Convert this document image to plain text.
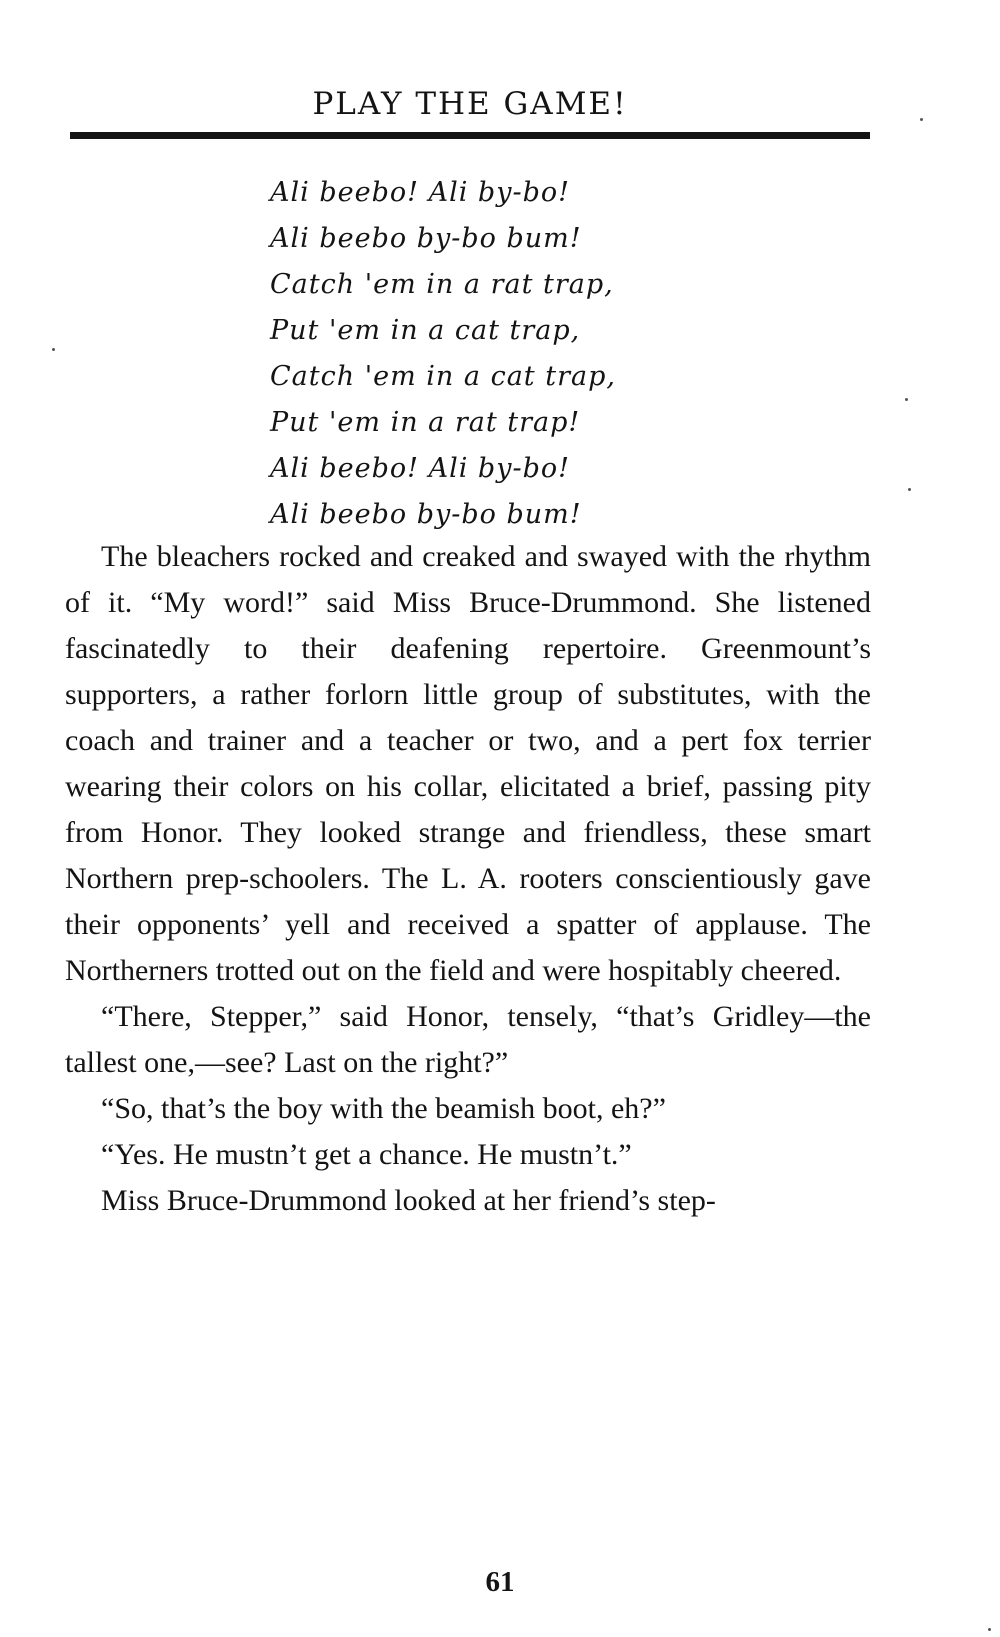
PLAY THE GAME!
Ali beebo! Ali by-bo!
Ali beebo by-bo bum!
Catch 'em in a rat trap,
Put 'em in a cat trap,
Catch 'em in a cat trap,
Put 'em in a rat trap!
Ali beebo! Ali by-bo!
Ali beebo by-bo bum!

The bleachers rocked and creaked and swayed with the rhythm of it. “My word!” said Miss Bruce-Drummond. She listened fascinatedly to their deafening repertoire. Greenmount’s supporters, a rather forlorn little group of substitutes, with the coach and trainer and a teacher or two, and a pert fox terrier wearing their colors on his collar, elicitated a brief, passing pity from Honor. They looked strange and friendless, these smart Northern prep-schoolers. The L. A. rooters conscientiously gave their opponents’ yell and received a spatter of applause. The Northerners trotted out on the field and were hospitably cheered.

“There, Stepper,” said Honor, tensely, “that’s Gridley—the tallest one,—see? Last on the right?”

“So, that’s the boy with the beamish boot, eh?”

“Yes. He mustn’t get a chance. He mustn’t.”

Miss Bruce-Drummond looked at her friend’s step-

61
